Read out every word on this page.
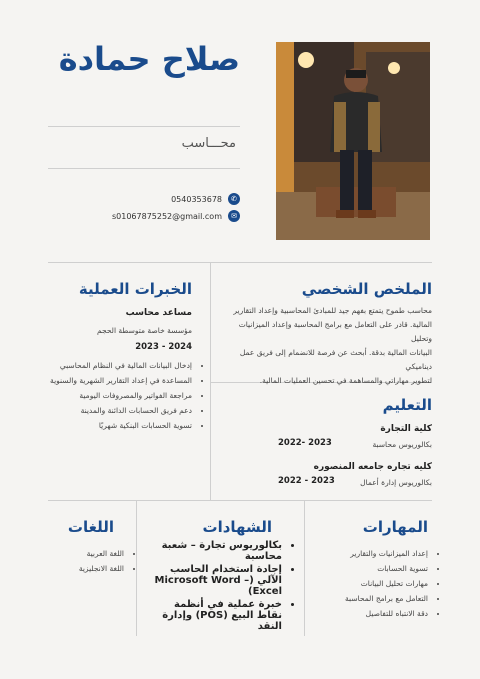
صلاح حمادة
محـــاسب
0540353678	✆
s01067875252@gmail.com	✉
الملخص الشخصي
محاسب طموح يتمتع بفهم جيد للمبادئ المحاسبية وإعداد التقارير
المالية. قادر على التعامل مع برامج المحاسبة وإعداد الميزانيات وتحليل
البيانات المالية بدقة. أبحث عن فرصة للانضمام إلى فريق عمل ديناميكي
لتطوير مهاراتي والمساهمة في تحسين العمليات المالية.
الخبرات العملية
مساعد محاسب
مؤسسة خاصة متوسطة الحجم
2024 - 2023
• إدخال البيانات المالية في النظام المحاسبي
• المساعدة في إعداد التقارير الشهرية والسنوية
• مراجعة الفواتير والمصروفات اليومية
• دعم فريق الحسابات الدائنة والمدينة
• تسوية الحسابات البنكية شهريًا
التعليم
كلية التجارة
بكالوريوس محاسبة
2023 -2022
كليه تجاره جامعه المنصوره
بكالوريوس إدارة أعمال
2023 - 2022
المهارات
• إعداد الميزانيات والتقارير
• تسوية الحسابات
• مهارات تحليل البيانات
• التعامل مع برامج المحاسبة
• دقة الانتباه للتفاصيل
الشهادات
• بكالوريوس تجارة – شعبة محاسبة
• إجادة استخدام الحاسب الآلي (Microsoft Word – Excel)
• خبرة عملية في أنظمة نقاط البيع (POS) وإدارة النقد
اللغات
• اللغة العربية
• اللغة الانجليزية
